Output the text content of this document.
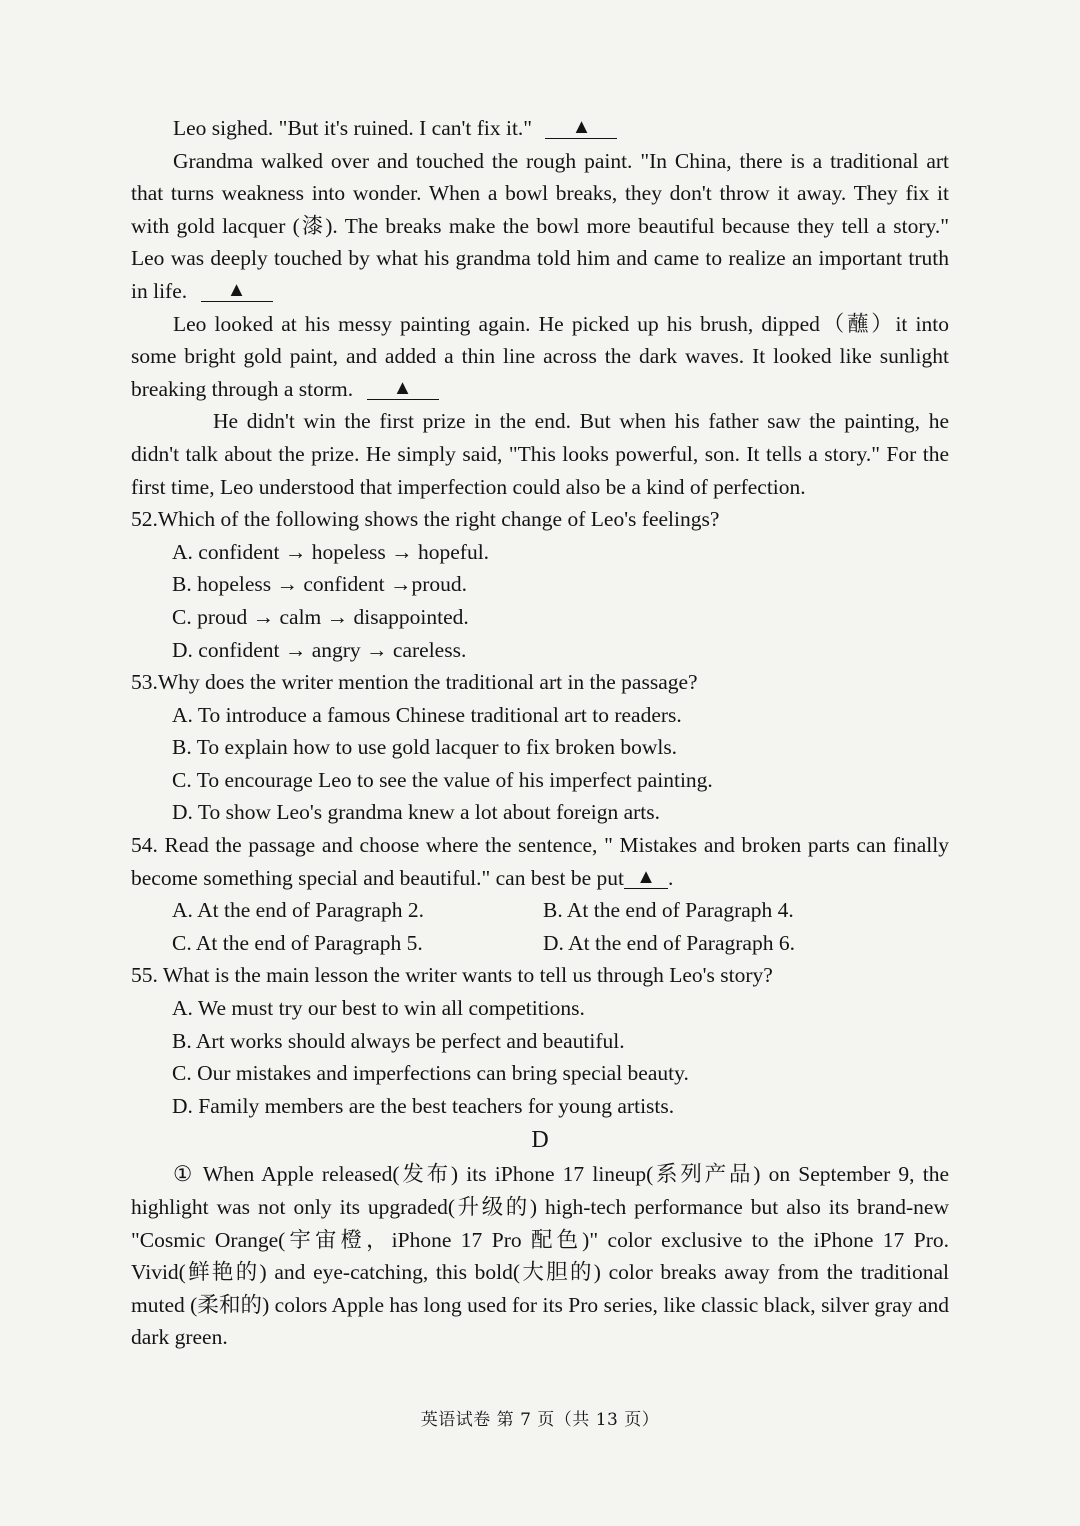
Leo sighed. "But it's ruined. I can't fix it." ▲

Grandma walked over and touched the rough paint. "In China, there is a traditional art that turns weakness into wonder. When a bowl breaks, they don't throw it away. They fix it with gold lacquer (漆). The breaks make the bowl more beautiful because they tell a story." Leo was deeply touched by what his grandma told him and came to realize an important truth in life. ▲

Leo looked at his messy painting again. He picked up his brush, dipped（蘸）it into some bright gold paint, and added a thin line across the dark waves. It looked like sunlight breaking through a storm. ▲

He didn't win the first prize in the end. But when his father saw the painting, he didn't talk about the prize. He simply said, "This looks powerful, son. It tells a story." For the first time, Leo understood that imperfection could also be a kind of perfection.

52.Which of the following shows the right change of Leo's feelings?

A. confident → hopeless → hopeful.

B. hopeless → confident →proud.

C. proud → calm → disappointed.

D. confident → angry → careless.

53.Why does the writer mention the traditional art in the passage?

A. To introduce a famous Chinese traditional art to readers.

B. To explain how to use gold lacquer to fix broken bowls.

C. To encourage Leo to see the value of his imperfect painting.

D. To show Leo's grandma knew a lot about foreign arts.

54. Read the passage and choose where the sentence, " Mistakes and broken parts can finally become something special and beautiful." can best be put ▲ .

A. At the end of Paragraph 2.	B. At the end of Paragraph 4.
C. At the end of Paragraph 5.	D. At the end of Paragraph 6.

55. What is the main lesson the writer wants to tell us through Leo's story?

A. We must try our best to win all competitions.

B. Art works should always be perfect and beautiful.

C. Our mistakes and imperfections can bring special beauty.

D. Family members are the best teachers for young artists.

D

① When Apple released(发布) its iPhone 17 lineup(系列产品) on September 9, the highlight was not only its upgraded(升级的) high-tech performance but also its brand-new "Cosmic Orange(宇宙橙，iPhone 17 Pro 配色)" color exclusive to the iPhone 17 Pro. Vivid(鲜艳的) and eye-catching, this bold(大胆的) color breaks away from the traditional muted (柔和的) colors Apple has long used for its Pro series, like classic black, silver gray and dark green.

英语试卷 第 7 页（共 13 页）
